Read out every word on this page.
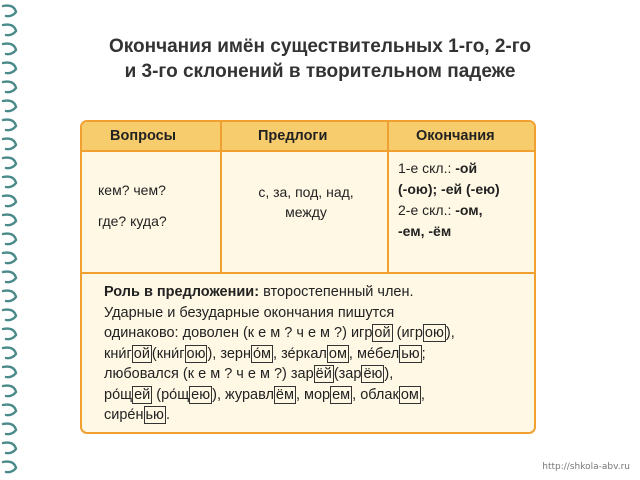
Окончания имён существительных 1-го, 2-го
и 3-го склонений в творительном падеже
Вопросы	Предлоги	Окончания
кем? чем?
где? куда?
с, за, под, над,
между
1-е скл.: -ой
(-ою); -ей (-ею)
2-е скл.: -ом,
-ем, -ём
Роль в предложении: второстепенный член.
Ударные и безударные окончания пишутся
одинаково: доволен (к е м ? ч е м ?) игр ой (игр ою ),
кни́г ой (кни́г ою ), зерн о́м , зе́ркал ом , ме́бел ью ;
любовался (к е м ? ч е м ?) зар ёй (зар ёю ),
ро́щ ей (ро́щ ею ), журавл ём , мор ем , облак ом ,
сире́н ью .
http://shkola-abv.ru
